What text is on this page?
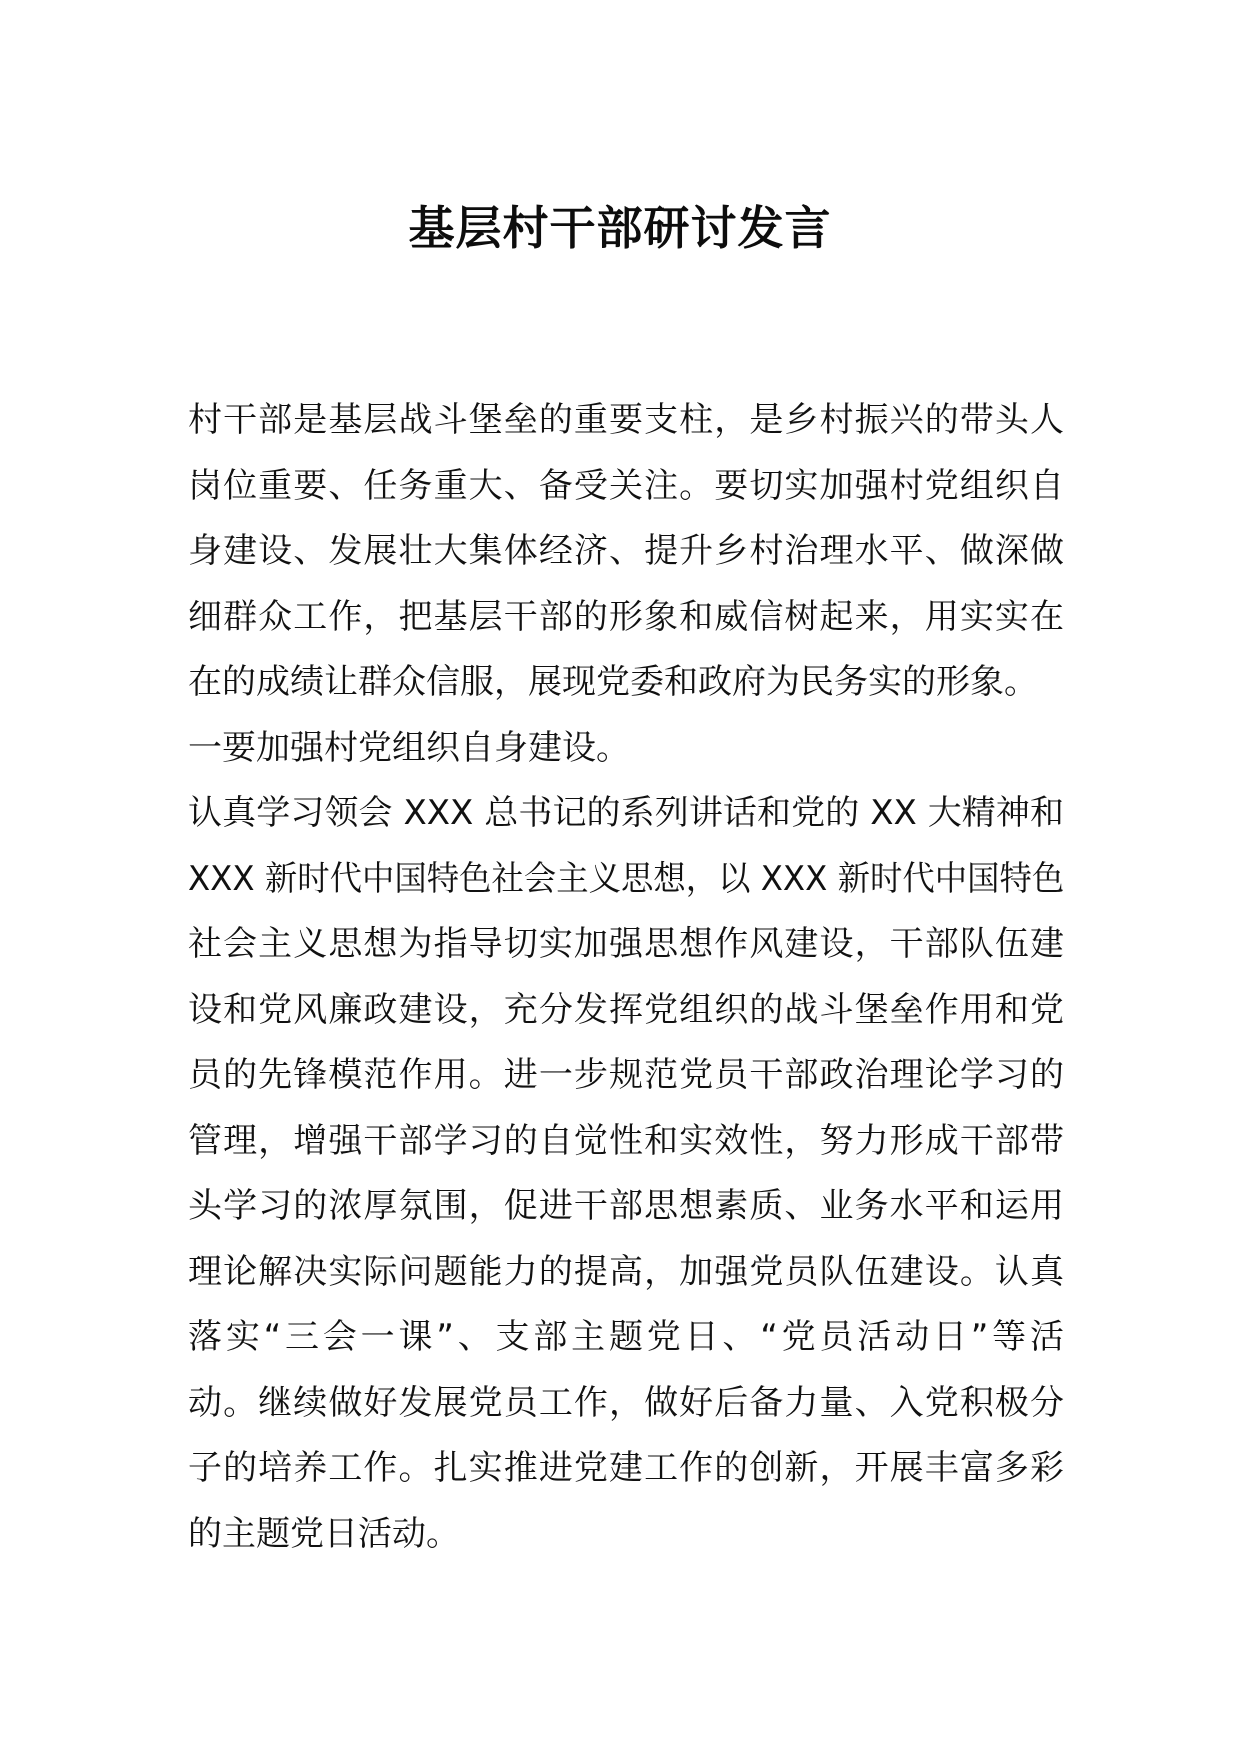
基层村干部研讨发言
村干部是基层战斗堡垒的重要支柱，是乡村振兴的带头人
岗位重要、任务重大、备受关注。要切实加强村党组织自
身建设、发展壮大集体经济、提升乡村治理水平、做深做
细群众工作，把基层干部的形象和威信树起来，用实实在
在的成绩让群众信服，展现党委和政府为民务实的形象。
一要加强村党组织自身建设。
认真学习领会 XXX 总书记的系列讲话和党的 XX 大精神和
XXX 新时代中国特色社会主义思想，以 XXX 新时代中国特色
社会主义思想为指导切实加强思想作风建设，干部队伍建
设和党风廉政建设，充分发挥党组织的战斗堡垒作用和党
员的先锋模范作用。进一步规范党员干部政治理论学习的
管理，增强干部学习的自觉性和实效性，努力形成干部带
头学习的浓厚氛围，促进干部思想素质、业务水平和运用
理论解决实际问题能力的提高，加强党员队伍建设。认真
落实“三会一课”、支部主题党日、“党员活动日”等活
动。继续做好发展党员工作，做好后备力量、入党积极分
子的培养工作。扎实推进党建工作的创新，开展丰富多彩
的主题党日活动。
